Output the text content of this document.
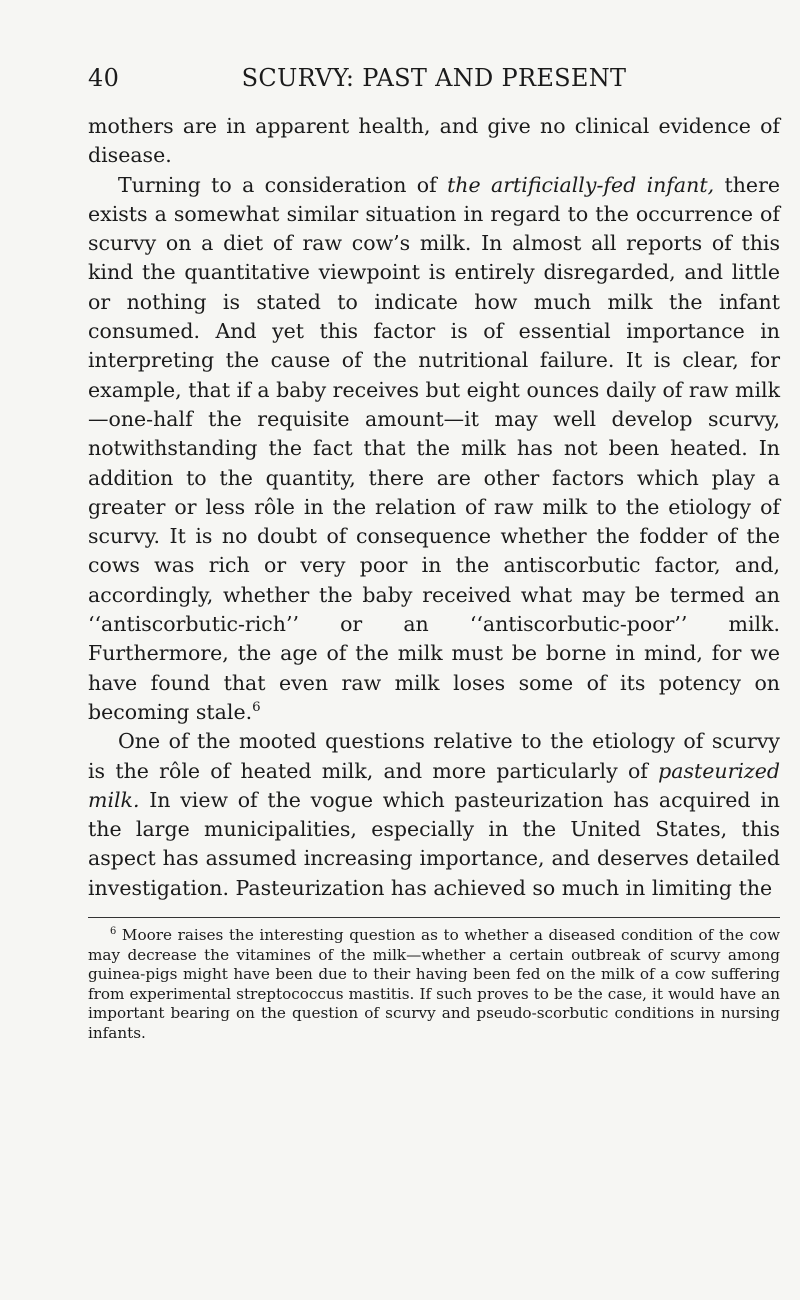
40	SCURVY: PAST AND PRESENT

mothers are in apparent health, and give no clinical evidence of disease.

Turning to a consideration of the artificially-fed infant, there exists a somewhat similar situation in regard to the occurrence of scurvy on a diet of raw cow’s milk. In almost all reports of this kind the quantitative viewpoint is entirely disregarded, and little or nothing is stated to indicate how much milk the infant consumed. And yet this factor is of essential importance in interpreting the cause of the nutritional failure. It is clear, for example, that if a baby receives but eight ounces daily of raw milk—one-half the requisite amount—it may well develop scurvy, notwithstanding the fact that the milk has not been heated. In addition to the quantity, there are other factors which play a greater or less rôle in the relation of raw milk to the etiology of scurvy. It is no doubt of consequence whether the fodder of the cows was rich or very poor in the antiscorbutic factor, and, accordingly, whether the baby received what may be termed an ‘‘antiscorbutic-rich’’ or an ‘‘antiscorbutic-poor’’ milk. Furthermore, the age of the milk must be borne in mind, for we have found that even raw milk loses some of its potency on becoming stale.$^6$

One of the mooted questions relative to the etiology of scurvy is the rôle of heated milk, and more particularly of pasteurized milk. In view of the vogue which pasteurization has acquired in the large municipalities, especially in the United States, this aspect has assumed increasing importance, and deserves detailed investigation. Pasteurization has achieved so much in limiting the

$^6$ Moore raises the interesting question as to whether a diseased condition of the cow may decrease the vitamines of the milk—whether a certain outbreak of scurvy among guinea-pigs might have been due to their having been fed on the milk of a cow suffering from experimental streptococcus mastitis. If such proves to be the case, it would have an important bearing on the question of scurvy and pseudo-scorbutic conditions in nursing infants.
